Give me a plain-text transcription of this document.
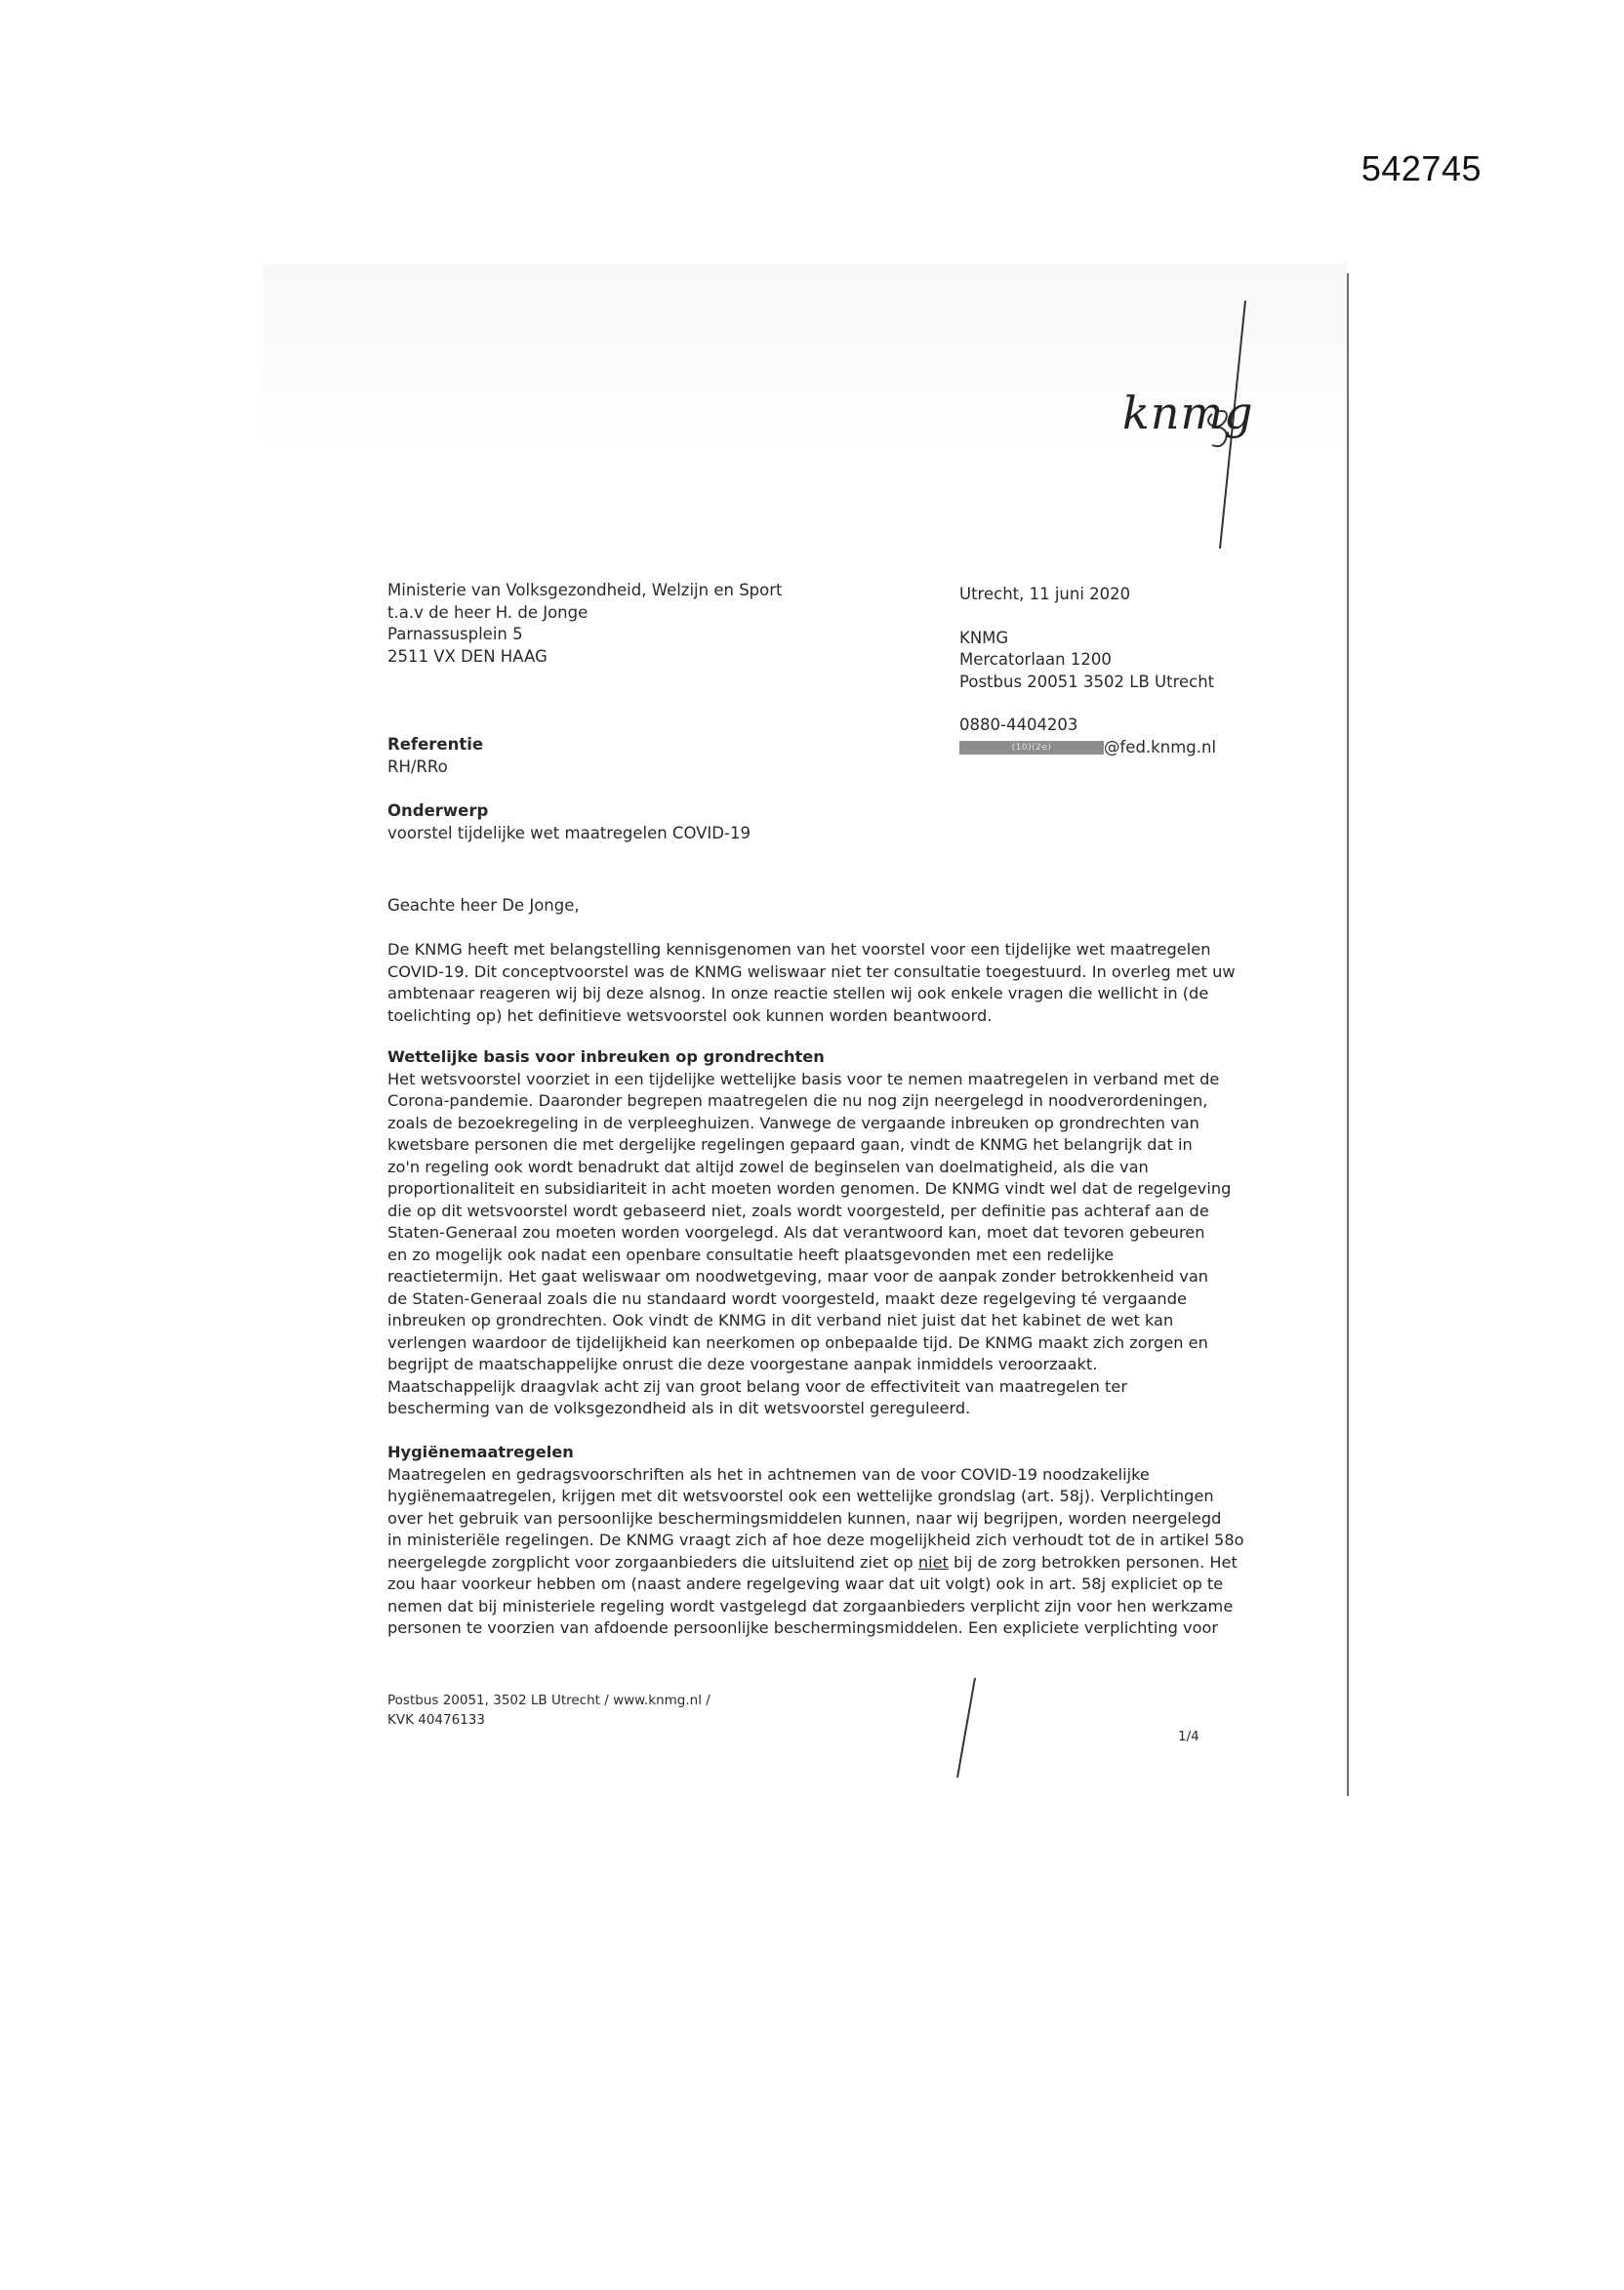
542745
knmg
Ministerie van Volksgezondheid, Welzijn en Sport
t.a.v de heer H. de Jonge
Parnassusplein 5
2511 VX DEN HAAG
Utrecht, 11 juni 2020
KNMG
Mercatorlaan 1200
Postbus 20051 3502 LB Utrecht
0880-4404203
(10)(2e)	@fed.knmg.nl
Referentie
RH/RRo
Onderwerp
voorstel tijdelijke wet maatregelen COVID-19
Geachte heer De Jonge,
De KNMG heeft met belangstelling kennisgenomen van het voorstel voor een tijdelijke wet maatregelen
COVID-19. Dit conceptvoorstel was de KNMG weliswaar niet ter consultatie toegestuurd. In overleg met uw
ambtenaar reageren wij bij deze alsnog. In onze reactie stellen wij ook enkele vragen die wellicht in (de
toelichting op) het definitieve wetsvoorstel ook kunnen worden beantwoord.
Wettelijke basis voor inbreuken op grondrechten
Het wetsvoorstel voorziet in een tijdelijke wettelijke basis voor te nemen maatregelen in verband met de
Corona-pandemie. Daaronder begrepen maatregelen die nu nog zijn neergelegd in noodverordeningen,
zoals de bezoekregeling in de verpleeghuizen. Vanwege de vergaande inbreuken op grondrechten van
kwetsbare personen die met dergelijke regelingen gepaard gaan, vindt de KNMG het belangrijk dat in
zo'n regeling ook wordt benadrukt dat altijd zowel de beginselen van doelmatigheid, als die van
proportionaliteit en subsidiariteit in acht moeten worden genomen. De KNMG vindt wel dat de regelgeving
die op dit wetsvoorstel wordt gebaseerd niet, zoals wordt voorgesteld, per definitie pas achteraf aan de
Staten-Generaal zou moeten worden voorgelegd. Als dat verantwoord kan, moet dat tevoren gebeuren
en zo mogelijk ook nadat een openbare consultatie heeft plaatsgevonden met een redelijke
reactietermijn. Het gaat weliswaar om noodwetgeving, maar voor de aanpak zonder betrokkenheid van
de Staten-Generaal zoals die nu standaard wordt voorgesteld, maakt deze regelgeving té vergaande
inbreuken op grondrechten. Ook vindt de KNMG in dit verband niet juist dat het kabinet de wet kan
verlengen waardoor de tijdelijkheid kan neerkomen op onbepaalde tijd. De KNMG maakt zich zorgen en
begrijpt de maatschappelijke onrust die deze voorgestane aanpak inmiddels veroorzaakt.
Maatschappelijk draagvlak acht zij van groot belang voor de effectiviteit van maatregelen ter
bescherming van de volksgezondheid als in dit wetsvoorstel gereguleerd.
Hygiënemaatregelen
Maatregelen en gedragsvoorschriften als het in achtnemen van de voor COVID-19 noodzakelijke
hygiënemaatregelen, krijgen met dit wetsvoorstel ook een wettelijke grondslag (art. 58j). Verplichtingen
over het gebruik van persoonlijke beschermingsmiddelen kunnen, naar wij begrijpen, worden neergelegd
in ministeriële regelingen. De KNMG vraagt zich af hoe deze mogelijkheid zich verhoudt tot de in artikel 58o
neergelegde zorgplicht voor zorgaanbieders die uitsluitend ziet op niet bij de zorg betrokken personen. Het
zou haar voorkeur hebben om (naast andere regelgeving waar dat uit volgt) ook in art. 58j expliciet op te
nemen dat bij ministeriele regeling wordt vastgelegd dat zorgaanbieders verplicht zijn voor hen werkzame
personen te voorzien van afdoende persoonlijke beschermingsmiddelen. Een expliciete verplichting voor
Postbus 20051, 3502 LB Utrecht / www.knmg.nl /
KVK 40476133
1/4
